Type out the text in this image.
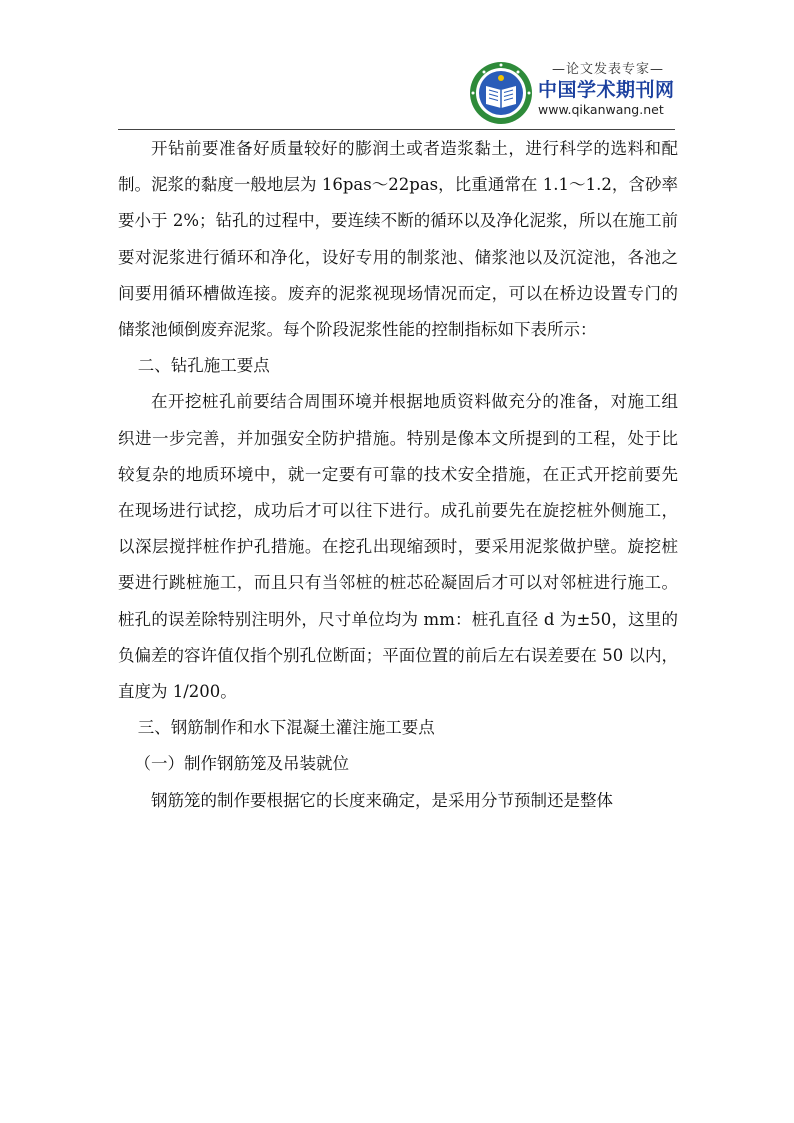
—论文发表专家—
中国学术期刊网
www.qikanwang.net

开钻前要准备好质量较好的膨润土或者造浆黏土，进行科学的选料和配制。泥浆的黏度一般地层为 16pas～22pas，比重通常在 1.1～1.2，含砂率要小于 2%；钻孔的过程中，要连续不断的循环以及净化泥浆，所以在施工前要对泥浆进行循环和净化，设好专用的制浆池、储浆池以及沉淀池，各池之间要用循环槽做连接。废弃的泥浆视现场情况而定，可以在桥边设置专门的储浆池倾倒废弃泥浆。每个阶段泥浆性能的控制指标如下表所示：

二、钻孔施工要点

在开挖桩孔前要结合周围环境并根据地质资料做充分的准备，对施工组织进一步完善，并加强安全防护措施。特别是像本文所提到的工程，处于比较复杂的地质环境中，就一定要有可靠的技术安全措施，在正式开挖前要先在现场进行试挖，成功后才可以往下进行。成孔前要先在旋挖桩外侧施工，以深层搅拌桩作护孔措施。在挖孔出现缩颈时，要采用泥浆做护壁。旋挖桩要进行跳桩施工，而且只有当邻桩的桩芯砼凝固后才可以对邻桩进行施工。桩孔的误差除特别注明外，尺寸单位均为 mm：桩孔直径 d 为±50，这里的负偏差的容许值仅指个别孔位断面；平面位置的前后左右误差要在 50 以内，直度为 1/200。

三、钢筋制作和水下混凝土灌注施工要点

（一）制作钢筋笼及吊装就位

钢筋笼的制作要根据它的长度来确定，是采用分节预制还是整体
